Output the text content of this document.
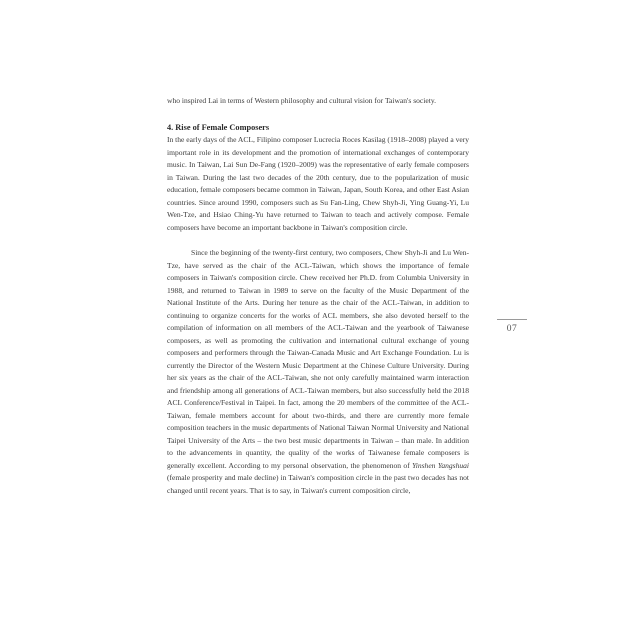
who inspired Lai in terms of Western philosophy and cultural vision for Taiwan's society.

4. Rise of Female Composers

In the early days of the ACL, Filipino composer Lucrecia Roces Kasilag (1918–2008) played a very important role in its development and the promotion of international exchanges of contemporary music. In Taiwan, Lai Sun De-Fang (1920–2009) was the representative of early female composers in Taiwan. During the last two decades of the 20th century, due to the popularization of music education, female composers became common in Taiwan, Japan, South Korea, and other East Asian countries. Since around 1990, composers such as Su Fan-Ling, Chew Shyh-Ji, Ying Guang-Yi, Lu Wen-Tze, and Hsiao Ching-Yu have returned to Taiwan to teach and actively compose. Female composers have become an important backbone in Taiwan's composition circle.

Since the beginning of the twenty-first century, two composers, Chew Shyh-Ji and Lu Wen-Tze, have served as the chair of the ACL-Taiwan, which shows the importance of female composers in Taiwan's composition circle. Chew received her Ph.D. from Columbia University in 1988, and returned to Taiwan in 1989 to serve on the faculty of the Music Department of the National Institute of the Arts. During her tenure as the chair of the ACL-Taiwan, in addition to continuing to organize concerts for the works of ACL members, she also devoted herself to the compilation of information on all members of the ACL-Taiwan and the yearbook of Taiwanese composers, as well as promoting the cultivation and international cultural exchange of young composers and performers through the Taiwan-Canada Music and Art Exchange Foundation. Lu is currently the Director of the Western Music Department at the Chinese Culture University. During her six years as the chair of the ACL-Taiwan, she not only carefully maintained warm interaction and friendship among all generations of ACL-Taiwan members, but also successfully held the 2018 ACL Conference/Festival in Taipei. In fact, among the 20 members of the committee of the ACL-Taiwan, female members account for about two-thirds, and there are currently more female composition teachers in the music departments of National Taiwan Normal University and National Taipei University of the Arts – the two best music departments in Taiwan – than male. In addition to the advancements in quantity, the quality of the works of Taiwanese female composers is generally excellent. According to my personal observation, the phenomenon of Yinshen Yangshuai (female prosperity and male decline) in Taiwan's composition circle in the past two decades has not changed until recent years. That is to say, in Taiwan's current composition circle,

07
